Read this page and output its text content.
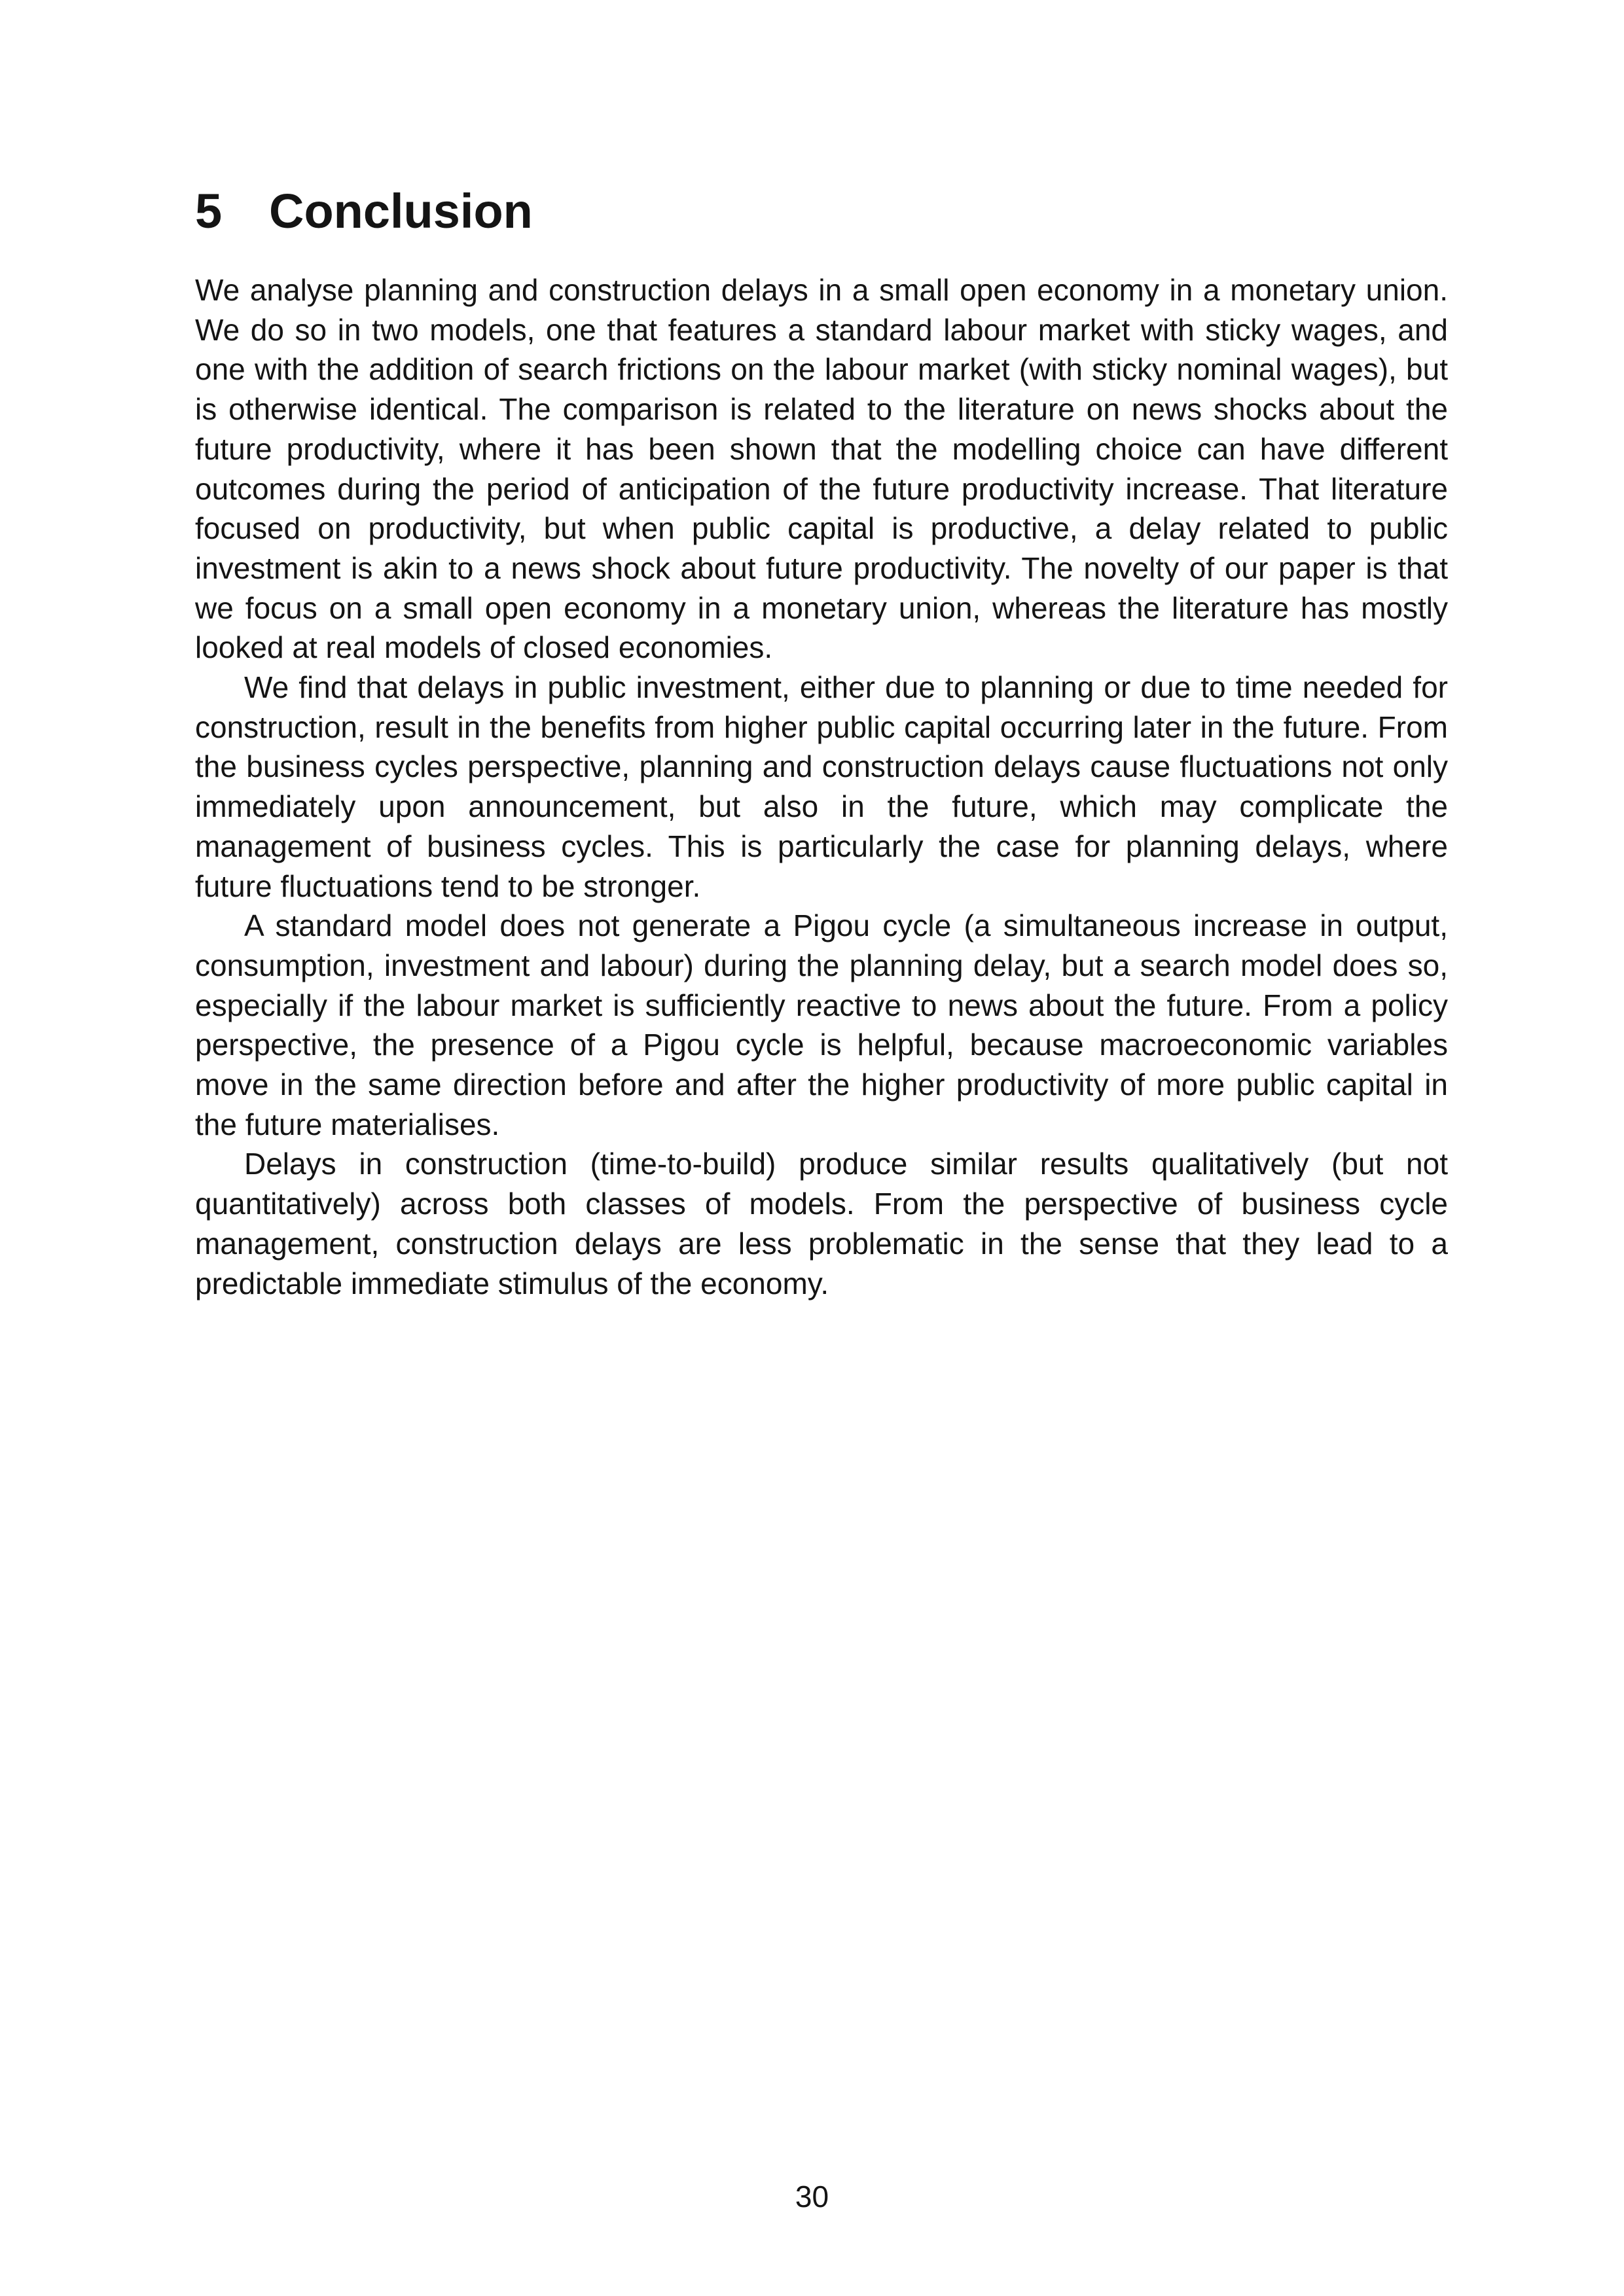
5 Conclusion

We analyse planning and construction delays in a small open economy in a monetary union. We do so in two models, one that features a standard labour market with sticky wages, and one with the addition of search frictions on the labour market (with sticky nominal wages), but is otherwise identical. The comparison is related to the literature on news shocks about the future productivity, where it has been shown that the modelling choice can have different outcomes during the period of anticipation of the future productivity increase. That literature focused on productivity, but when public capital is productive, a delay related to public investment is akin to a news shock about future productivity. The novelty of our paper is that we focus on a small open economy in a monetary union, whereas the literature has mostly looked at real models of closed economies.

We find that delays in public investment, either due to planning or due to time needed for construction, result in the benefits from higher public capital occurring later in the future. From the business cycles perspective, planning and construction delays cause fluctuations not only immediately upon announcement, but also in the future, which may complicate the management of business cycles. This is particularly the case for planning delays, where future fluctuations tend to be stronger.

A standard model does not generate a Pigou cycle (a simultaneous increase in output, consumption, investment and labour) during the planning delay, but a search model does so, especially if the labour market is sufficiently reactive to news about the future. From a policy perspective, the presence of a Pigou cycle is helpful, because macroeconomic variables move in the same direction before and after the higher productivity of more public capital in the future materialises.

Delays in construction (time-to-build) produce similar results qualitatively (but not quantitatively) across both classes of models. From the perspective of business cycle management, construction delays are less problematic in the sense that they lead to a predictable immediate stimulus of the economy.

30
